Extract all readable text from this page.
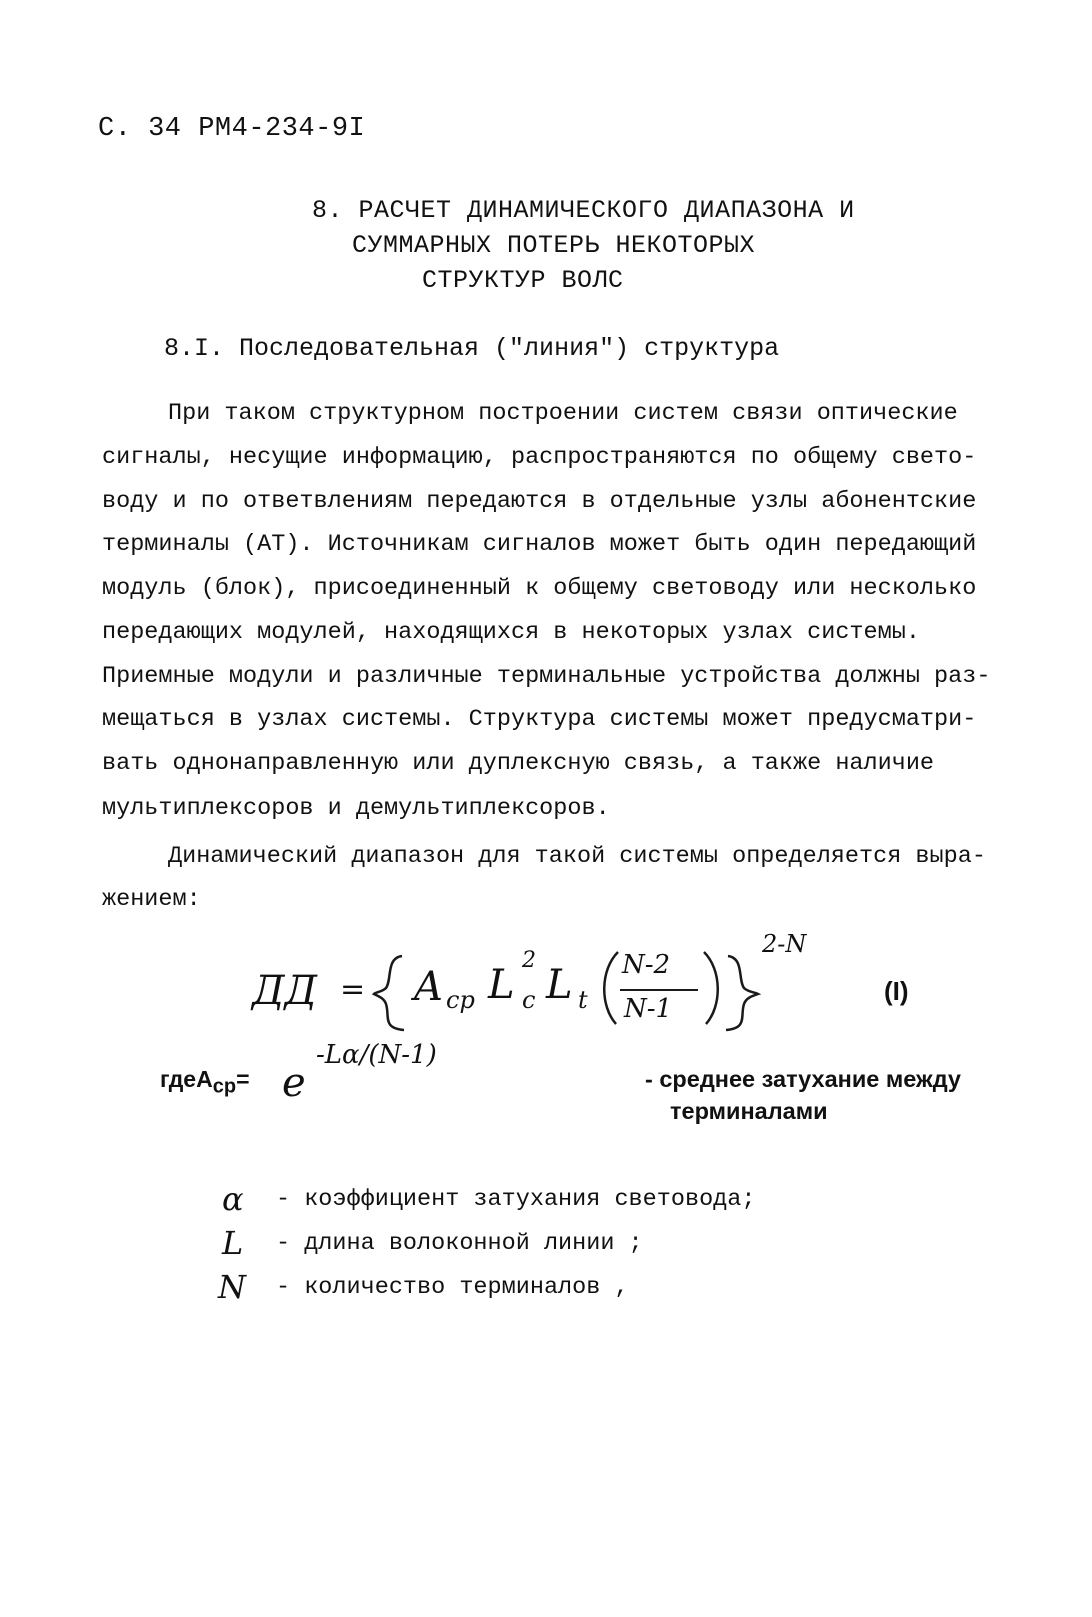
С. 34 РМ4-234-9I
8. РАСЧЕТ ДИНАМИЧЕСКОГО ДИАПАЗОНА И
СУММАРНЫХ ПОТЕРЬ НЕКОТОРЫХ
СТРУКТУР ВОЛС
8.I. Последовательная ("линия") структура
При таком структурном построении систем связи оптические
сигналы, несущие информацию, распространяются по общему свето-
воду и по ответвлениям передаются в отдельные узлы абонентские
терминалы (АТ). Источникам сигналов может быть один передающий
модуль (блок), присоединенный к общему световоду или несколько
передающих модулей, находящихся в некоторых узлах системы.
Приемные модули и различные терминальные устройства должны раз-
мещаться в узлах системы. Структура системы может предусматри-
вать однонаправленную или дуплексную связь, а также наличие
мультиплексоров и демультиплексоров.
Динамический диапазон для такой системы определяется выра-
жением:
ДД = A cp L
2
c L t
N-2
N-1
2-N
(I)
гдеA$_{cp}$= e
-Lα/(N-1)
- среднее затухание между
терминалами
α - коэффициент затухания световода;
L - длина волоконной линии ;
N - количество терминалов ,
